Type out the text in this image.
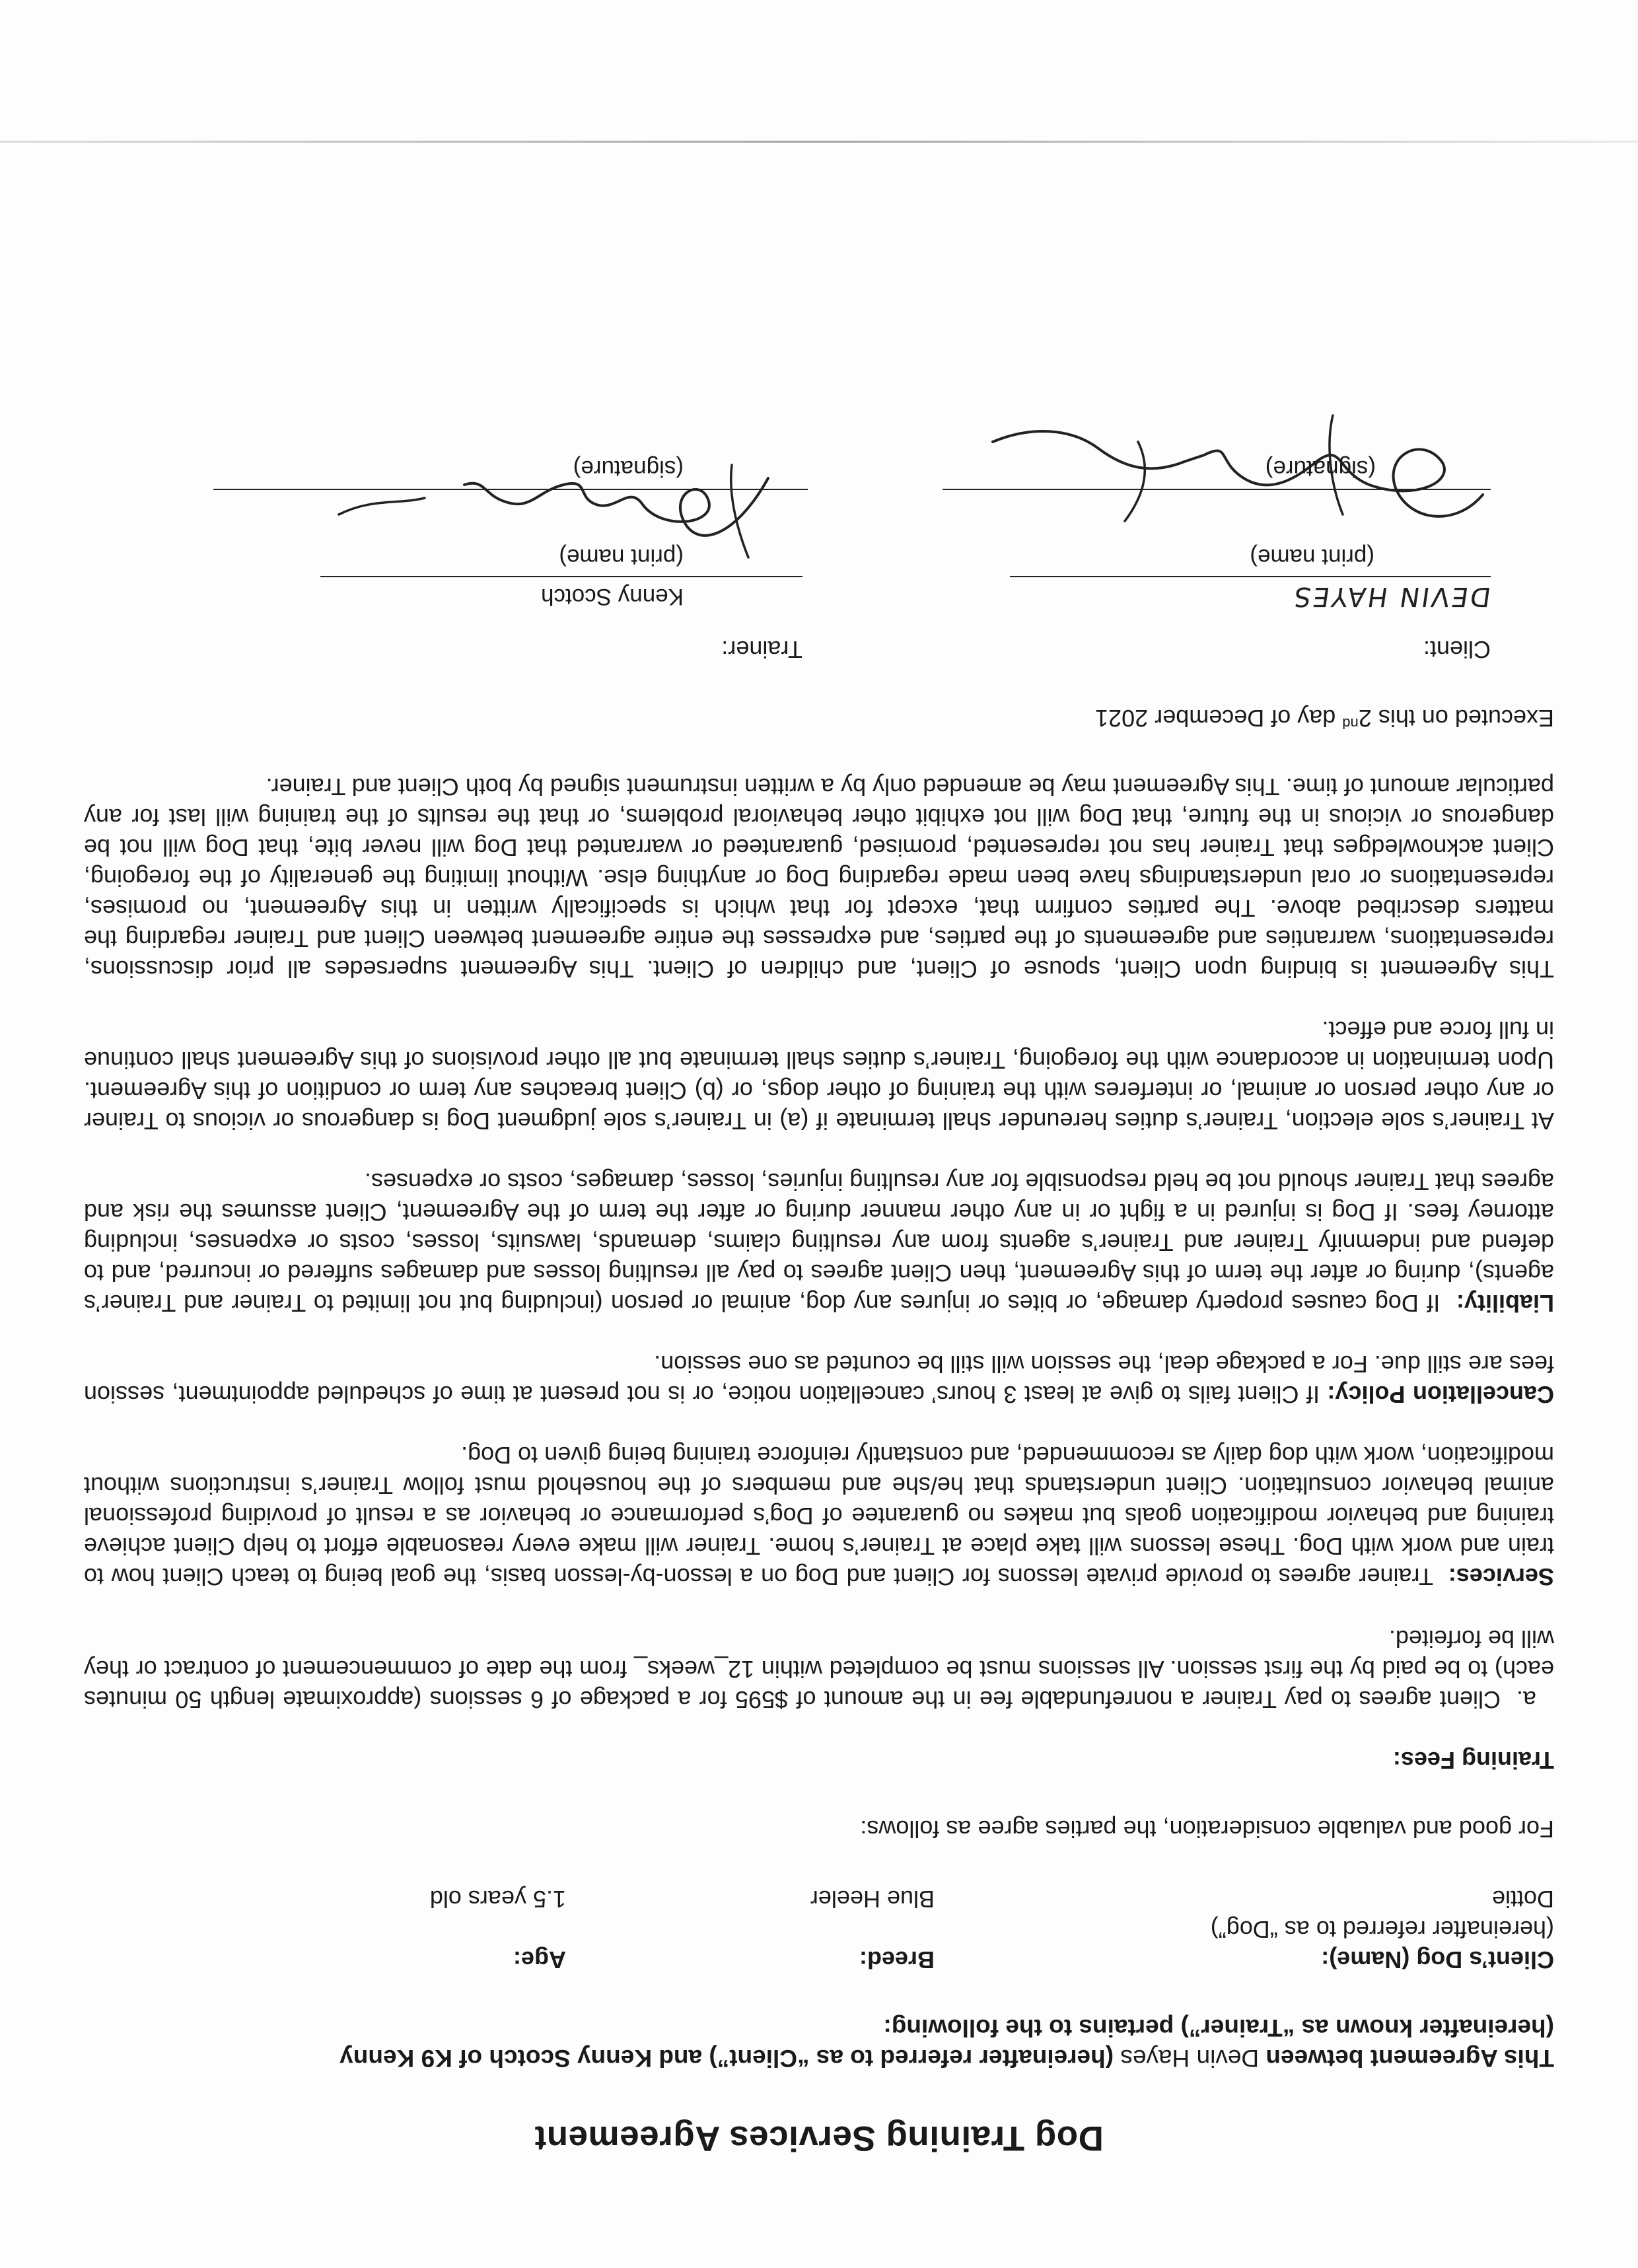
Dog Training Services Agreement

This Agreement between Devin Hayes (hereinafter referred to as “Client”) and Kenny Scotch of K9 Kenny
(hereinafter known as “Trainer”) pertains to the following:

Client’s Dog (Name):
Breed:
Age:
(hereinafter referred to as “Dog”)
Dottie
Blue Heeler
1.5 years old

For good and valuable consideration, the parties agree as follows:

Training Fees:

a.Client agrees to pay Trainer a nonrefundable fee in the amount of $595 for a package of 6 sessions (approximate length 50 minutes each) to be paid by the first session. All sessions must be completed within 12_weeks_ from the date of commencement of contract or they will be forfeited.

Services:  Trainer agrees to provide private lessons for Client and Dog on a lesson-by-lesson basis, the goal being to teach Client how to train and work with Dog. These lessons will take place at Trainer’s home. Trainer will make every reasonable effort to help Client achieve training and behavior modification goals but makes no guarantee of Dog’s performance or behavior as a result of providing professional animal behavior consultation. Client understands that he/she and members of the household must follow Trainer’s instructions without modification, work with dog daily as recommended, and constantly reinforce training being given to Dog.

Cancellation Policy: If Client fails to give at least 3 hours’ cancellation notice, or is not present at time of scheduled appointment, session fees are still due. For a package deal, the session will still be counted as one session.

Liability:  If Dog causes property damage, or bites or injures any dog, animal or person (including but not limited to Trainer and Trainer’s agents), during or after the term of this Agreement, then Client agrees to pay all resulting losses and damages suffered or incurred, and to defend and indemnify Trainer and Trainer’s agents from any resulting claims, demands, lawsuits, losses, costs or expenses, including attorney fees. If Dog is injured in a fight or in any other manner during or after the term of the Agreement, Client assumes the risk and agrees that Trainer should not be held responsible for any resulting injuries, losses, damages, costs or expenses.

At Trainer’s sole election, Trainer’s duties hereunder shall terminate if (a) in Trainer’s sole judgment Dog is dangerous or vicious to Trainer or any other person or animal, or interferes with the training of other dogs, or (b) Client breaches any term or condition of this Agreement. Upon termination in accordance with the foregoing, Trainer’s duties shall terminate but all other provisions of this Agreement shall continue in full force and effect.

This Agreement is binding upon Client, spouse of Client, and children of Client. This Agreement supersedes all prior discussions, representations, warranties and agreements of the parties, and expresses the entire agreement between Client and Trainer regarding the matters described above. The parties confirm that, except for that which is specifically written in this Agreement, no promises, representations or oral understandings have been made regarding Dog or anything else. Without limiting the generality of the foregoing, Client acknowledges that Trainer has not represented, promised, guaranteed or warranted that Dog will never bite, that Dog will not be dangerous or vicious in the future, that Dog will not exhibit other behavioral problems, or that the results of the training will last for any particular amount of time. This Agreement may be amended only by a written instrument signed by both Client and Trainer.

Executed on this 2nd day of December 2021

Client:
Trainer:
DEVIN HAYES
(print name)
(signature)
Kenny Scotch
(print name)
(signature)
